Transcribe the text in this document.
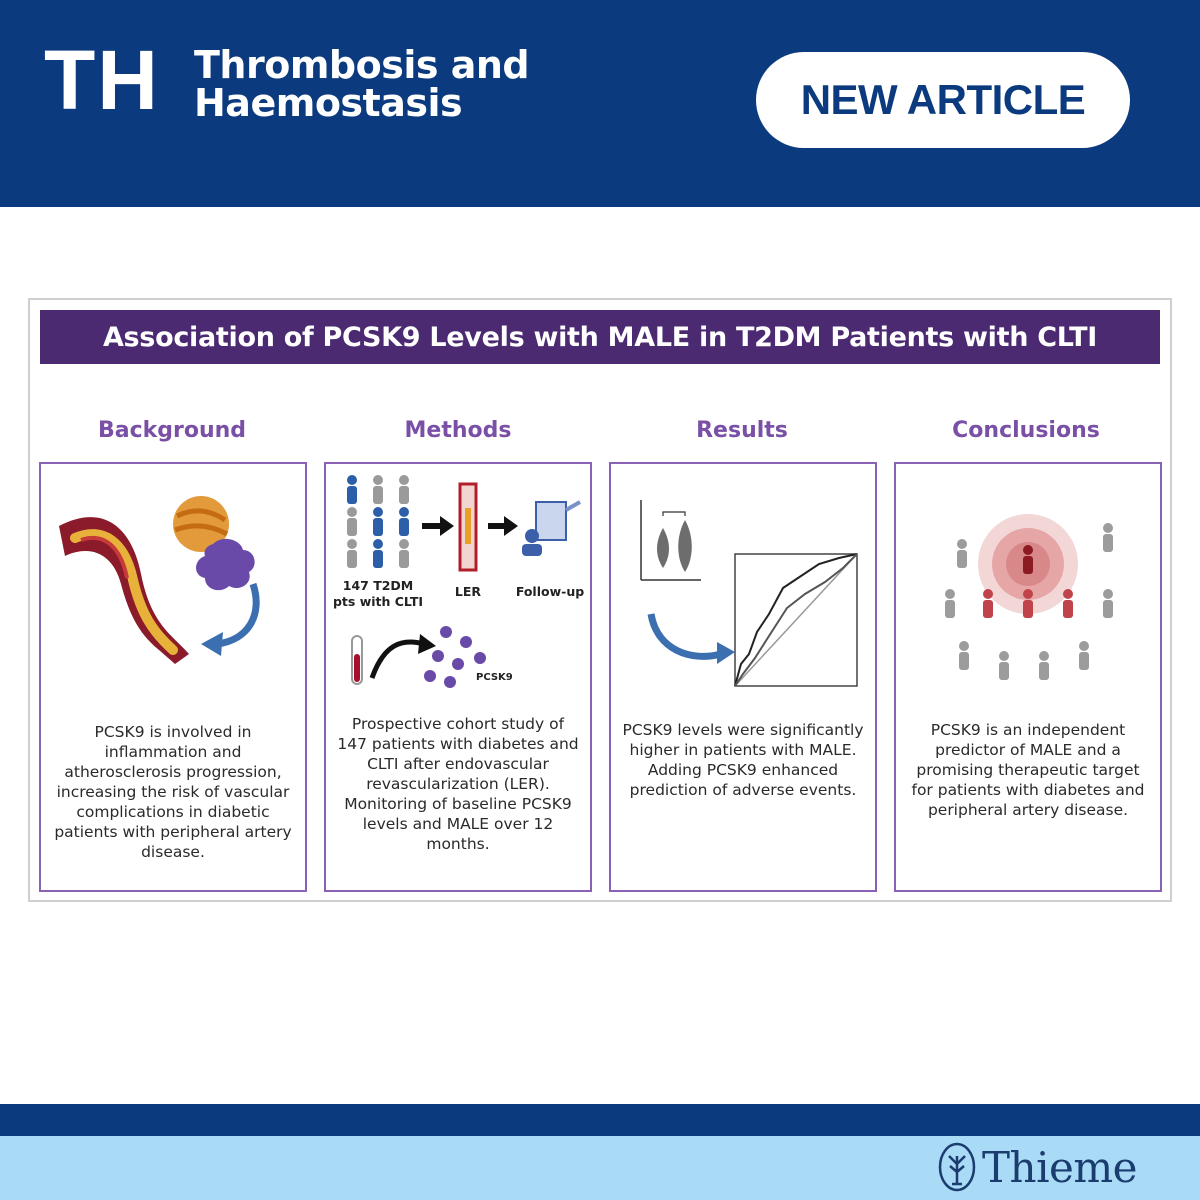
TH Thrombosis and
Haemostasis	NEW ARTICLE
Association of PCSK9 Levels with MALE in T2DM Patients with CLTI
Background
PCSK9 is involved in inflammation and atherosclerosis progression, increasing the risk of vascular complications in diabetic patients with peripheral artery disease.
Methods
147 T2DM
pts with CLTI
LER	Follow-up
PCSK9
Prospective cohort study of 147 patients with diabetes and CLTI after endovascular revascularization (LER). Monitoring of baseline PCSK9 levels and MALE over 12 months.
Results
PCSK9 levels were significantly higher in patients with MALE. Adding PCSK9 enhanced prediction of adverse events.
Conclusions
PCSK9 is an independent predictor of MALE and a promising therapeutic target for patients with diabetes and peripheral artery disease.
Thieme
